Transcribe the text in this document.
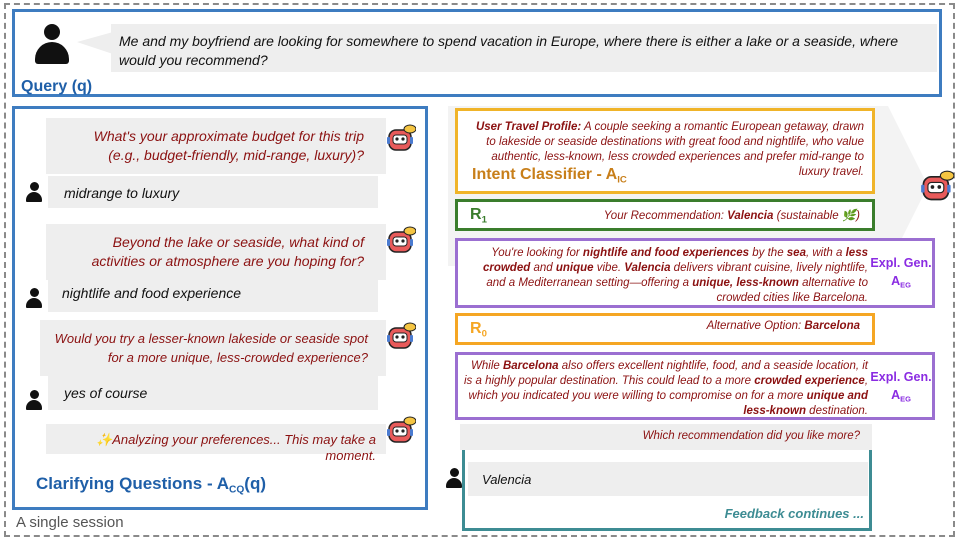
Me and my boyfriend are looking for somewhere to spend vacation in Europe, where there is either a lake or a seaside, where would you recommend?
Query (q)
What's your approximate budget for this trip (e.g., budget-friendly, mid-range, luxury)?
midrange to luxury
Beyond the lake or seaside, what kind of activities or atmosphere are you hoping for?
nightlife and food experience
Would you try a lesser-known lakeside or seaside spot for a more unique, less-crowded experience?
yes of course
✨Analyzing your preferences... This may take a moment.
Clarifying Questions - $A_{CQ}(q)$
User Travel Profile: A couple seeking a romantic European getaway, drawn to lakeside or seaside destinations with great food and nightlife, who value authentic, less-known, less crowded experiences and prefer mid-range to luxury travel.
Intent Classifier - $A_{IC}$
$R_1$	Your Recommendation: Valencia (sustainable 🌿)
You're looking for nightlife and food experiences by the sea, with a less crowded and unique vibe. Valencia delivers vibrant cuisine, lively nightlife, and a Mediterranean setting—offering a unique, less-known alternative to crowded cities like Barcelona.
Expl. Gen.
$A_{EG}$
$R_0$
Alternative Option: Barcelona
While Barcelona also offers excellent nightlife, food, and a seaside location, it is a highly popular destination. This could lead to a more crowded experience, which you indicated you were willing to compromise on for a more unique and less-known destination.
Expl. Gen.
$A_{EG}$
Which recommendation did you like more?
Valencia
Feedback continues ...
A single session
